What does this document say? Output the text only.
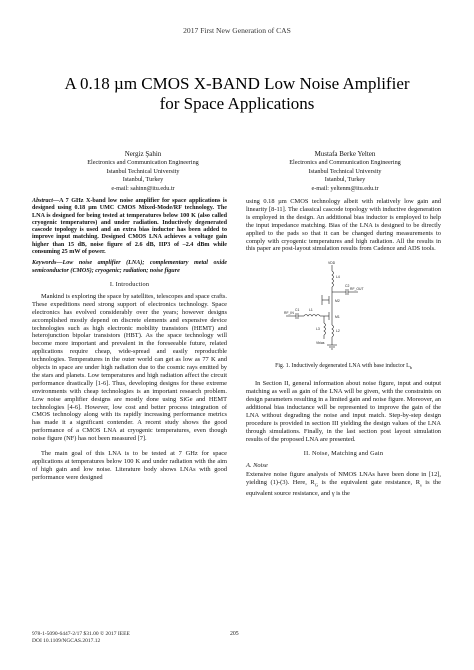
2017 First New Generation of CAS
A 0.18 µm CMOS X-BAND Low Noise Amplifier
for Space Applications
Nergiz Şahin
Electronics and Communication Engineering
Istanbul Technical University
Istanbul, Turkey
e-mail: sahinn@itu.edu.tr
Mustafa Berke Yelten
Electronics and Communication Engineering
Istanbul Technical University
Istanbul, Turkey
e-mail: yeltenm@itu.edu.tr

Abstract—A 7 GHz X-band low noise amplifier for space applications is designed using 0.18 µm UMC CMOS Mixed-Mode/RF technology. The LNA is designed for being tested at temperatures below 100 K (also called cryogenic temperatures) and under radiation. Inductively degenerated cascode topology is used and an extra bias inductor has been added to improve input matching. Designed CMOS LNA achieves a voltage gain higher than 15 dB, noise figure of 2.6 dB, IIP3 of –2.4 dBm while consuming 25 mW of power.

Keywords—Low noise amplifier (LNA); complementary metal oxide semiconductor (CMOS); cryogenic; radiation; noise figure

I. Introduction

Mankind is exploring the space by satellites, telescopes and space crafts. These expeditions need strong support of electronics technology. Space electronics has evolved considerably over the years; however designs accomplished mostly depend on discrete elements and expensive device technologies such as high electronic mobility transistors (HEMT) and heterojunction bipolar transistors (HBT). As the space technology will become more important and prevalent in the foreseeable future, related applications require cheap, wide-spread and easily reproducible technologies. Temperatures in the outer world can get as low as 77 K and objects in space are under high radiation due to the cosmic rays emitted by the stars and planets. Low temperatures and high radiation affect the circuit performance drastically [1-6]. Thus, developing designs for these extreme environments with cheap technologies is an important research problem. Low noise amplifier designs are mostly done using SiGe and HEMT technologies [4-6]. However, low cost and better process integration of CMOS technology along with its rapidly increasing performance metrics has made it a significant contender. A recent study shows the good performance of a CMOS LNA at cryogenic temperatures, even though noise figure (NF) has not been measured [7].

The main goal of this LNA is to be tested at 7 GHz for space applications at temperatures below 100 K and under radiation with the aim of high gain and low noise. Literature body shows LNAs with good performance were designed

using 0.18 µm CMOS technology albeit with relatively low gain and linearity [8-11]. The classical cascode topology with inductive degeneration is employed in the design. An additional bias inductor is employed to help the input impedance matching. Bias of the LNA is designed to be directly applied to the pads so that it can be changed during measurements to comply with cryogenic temperatures and high radiation. All the results in this paper are post-layout simulation results from Cadence and ADS tools.

VDD
L4
C2
RF_OUT
M2
M1
RF_IN
C1	L1
L3
Vbias
L2

Fig. 1. Inductively degenerated LNA with base inductor $L_b$

In Section II, general information about noise figure, input and output matching as well as gain of the LNA will be given, with the constraints on design parameters resulting in a limited gain and noise figure. Moreover, an additional bias inductance will be represented to improve the gain of the LNA without degrading the noise and input match. Step-by-step design procedure is provided in section III yielding the design values of the LNA through simulations. Finally, in the last section post layout simulation results of the proposed LNA are presented.

II. Noise, Matching and Gain

A. Noise

Extensive noise figure analysis of NMOS LNAs have been done in [12], yielding (1)-(3). Here, $R_G$ is the equivalent gate resistance, $R_s$ is the equivalent source resistance, and γ is the

978-1-5090-6447-2/17 $31.00 © 2017 IEEE
DOI 10.1109/NGCAS.2017.12
205
